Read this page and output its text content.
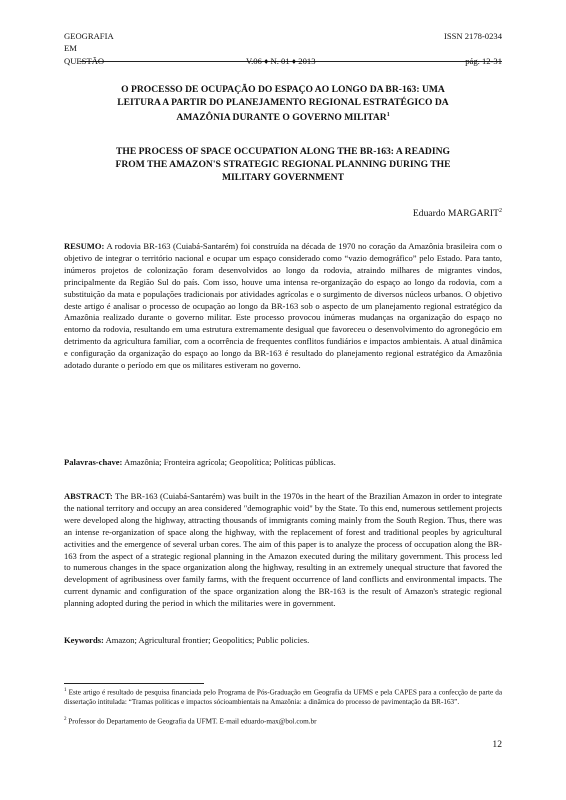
GEOGRAFIA	ISSN 2178-0234
EM
QUESTÃO	V.06 ♦ N. 01 ♦ 2013	pág. 12-31
O PROCESSO DE OCUPAÇÃO DO ESPAÇO AO LONGO DA BR-163: UMA
LEITURA A PARTIR DO PLANEJAMENTO REGIONAL ESTRATÉGICO DA
AMAZÔNIA DURANTE O GOVERNO MILITAR$^1$
THE PROCESS OF SPACE OCCUPATION ALONG THE BR-163: A READING
FROM THE AMAZON'S STRATEGIC REGIONAL PLANNING DURING THE
MILITARY GOVERNMENT
Eduardo MARGARIT$^2$
RESUMO: A rodovia BR-163 (Cuiabá-Santarém) foi construída na década de 1970 no coração da Amazônia brasileira com o objetivo de integrar o território nacional e ocupar um espaço considerado como “vazio demográfico” pelo Estado. Para tanto, inúmeros projetos de colonização foram desenvolvidos ao longo da rodovia, atraindo milhares de migrantes vindos, principalmente da Região Sul do país. Com isso, houve uma intensa re-organização do espaço ao longo da rodovia, com a substituição da mata e populações tradicionais por atividades agrícolas e o surgimento de diversos núcleos urbanos. O objetivo deste artigo é analisar o processo de ocupação ao longo da BR-163 sob o aspecto de um planejamento regional estratégico da Amazônia realizado durante o governo militar. Este processo provocou inúmeras mudanças na organização do espaço no entorno da rodovia, resultando em uma estrutura extremamente desigual que favoreceu o desenvolvimento do agronegócio em detrimento da agricultura familiar, com a ocorrência de frequentes conflitos fundiários e impactos ambientais. A atual dinâmica e configuração da organização do espaço ao longo da BR-163 é resultado do planejamento regional estratégico da Amazônia adotado durante o período em que os militares estiveram no governo.
Palavras-chave: Amazônia; Fronteira agrícola; Geopolítica; Políticas públicas.
ABSTRACT: The BR-163 (Cuiabá-Santarém) was built in the 1970s in the heart of the Brazilian Amazon in order to integrate the national territory and occupy an area considered "demographic void" by the State. To this end, numerous settlement projects were developed along the highway, attracting thousands of immigrants coming mainly from the South Region. Thus, there was an intense re-organization of space along the highway, with the replacement of forest and traditional peoples by agricultural activities and the emergence of several urban cores. The aim of this paper is to analyze the process of occupation along the BR-163 from the aspect of a strategic regional planning in the Amazon executed during the military government. This process led to numerous changes in the space organization along the highway, resulting in an extremely unequal structure that favored the development of agribusiness over family farms, with the frequent occurrence of land conflicts and environmental impacts. The current dynamic and configuration of the space organization along the BR-163 is the result of Amazon's strategic regional planning adopted during the period in which the militaries were in government.
Keywords: Amazon; Agricultural frontier; Geopolitics; Public policies.
$^1$ Este artigo é resultado de pesquisa financiada pelo Programa de Pós-Graduação em Geografia da UFMS e pela CAPES para a confecção de parte da dissertação intitulada: “Tramas políticas e impactos sócioambientais na Amazônia: a dinâmica do processo de pavimentação da BR-163”.
$^2$ Professor do Departamento de Geografia da UFMT. E-mail eduardo-max@bol.com.br
12
